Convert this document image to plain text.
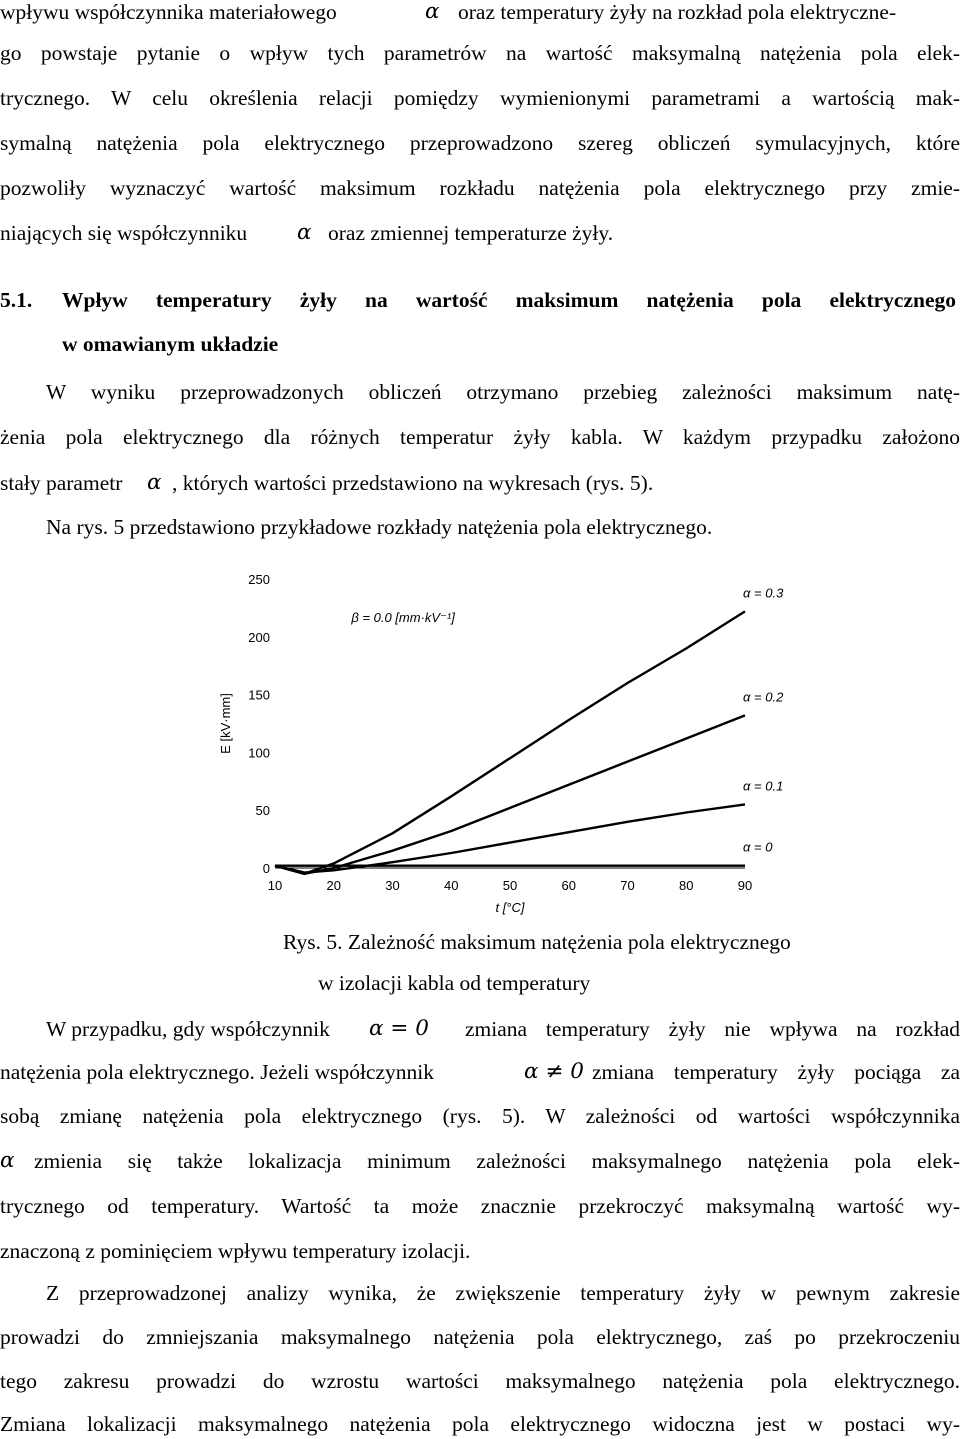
wpływu współczynnika materiałowego	α oraz temperatury żyły na rozkład pola elektryczne-
go powstaje pytanie o wpływ tych parametrów na wartość maksymalną natężenia pola elek-
trycznego. W celu określenia relacji pomiędzy wymienionymi parametrami a wartością mak-
symalną natężenia pola elektrycznego przeprowadzono szereg obliczeń symulacyjnych, które
pozwoliły wyznaczyć wartość maksimum rozkładu natężenia pola elektrycznego przy zmie-
niających się współczynniku α oraz zmiennej temperaturze żyły.
5.1. Wpływ temperatury żyły na wartość maksimum natężenia pola elektrycznego
w omawianym układzie
W wyniku przeprowadzonych obliczeń otrzymano przebieg zależności maksimum natę-
żenia pola elektrycznego dla różnych temperatur żyły kabla. W każdym przypadku założono
stały parametr α , których wartości przedstawiono na wykresach (rys. 5).
Na rys. 5 przedstawiono przykładowe rozkłady natężenia pola elektrycznego.
0
50
100
150
200
250
10	20	30	40	50	60	70	80	90
t [°C]
E [kV·mm]
β = 0.0 [mm·kV⁻¹]
α = 0
α = 0.1
α = 0.2
α = 0.3
Rys. 5. Zależność maksimum natężenia pola elektrycznego
w izolacji kabla od temperatury
W przypadku, gdy współczynnik α = 0 zmiana temperatury żyły nie wpływa na rozkład
natężenia pola elektrycznego. Jeżeli współczynnik	α ≠ 0 zmiana temperatury żyły pociąga za
sobą zmianę natężenia pola elektrycznego (rys. 5). W zależności od wartości współczynnika
α zmienia się także lokalizacja minimum zależności maksymalnego natężenia pola elek-
trycznego od temperatury. Wartość ta może znacznie przekroczyć maksymalną wartość wy-
znaczoną z pominięciem wpływu temperatury izolacji.
Z przeprowadzonej analizy wynika, że zwiększenie temperatury żyły w pewnym zakresie
prowadzi do zmniejszania maksymalnego natężenia pola elektrycznego, zaś po przekroczeniu
tego zakresu prowadzi do wzrostu wartości maksymalnego natężenia pola elektrycznego.
Zmiana lokalizacji maksymalnego natężenia pola elektrycznego widoczna jest w postaci wy-
